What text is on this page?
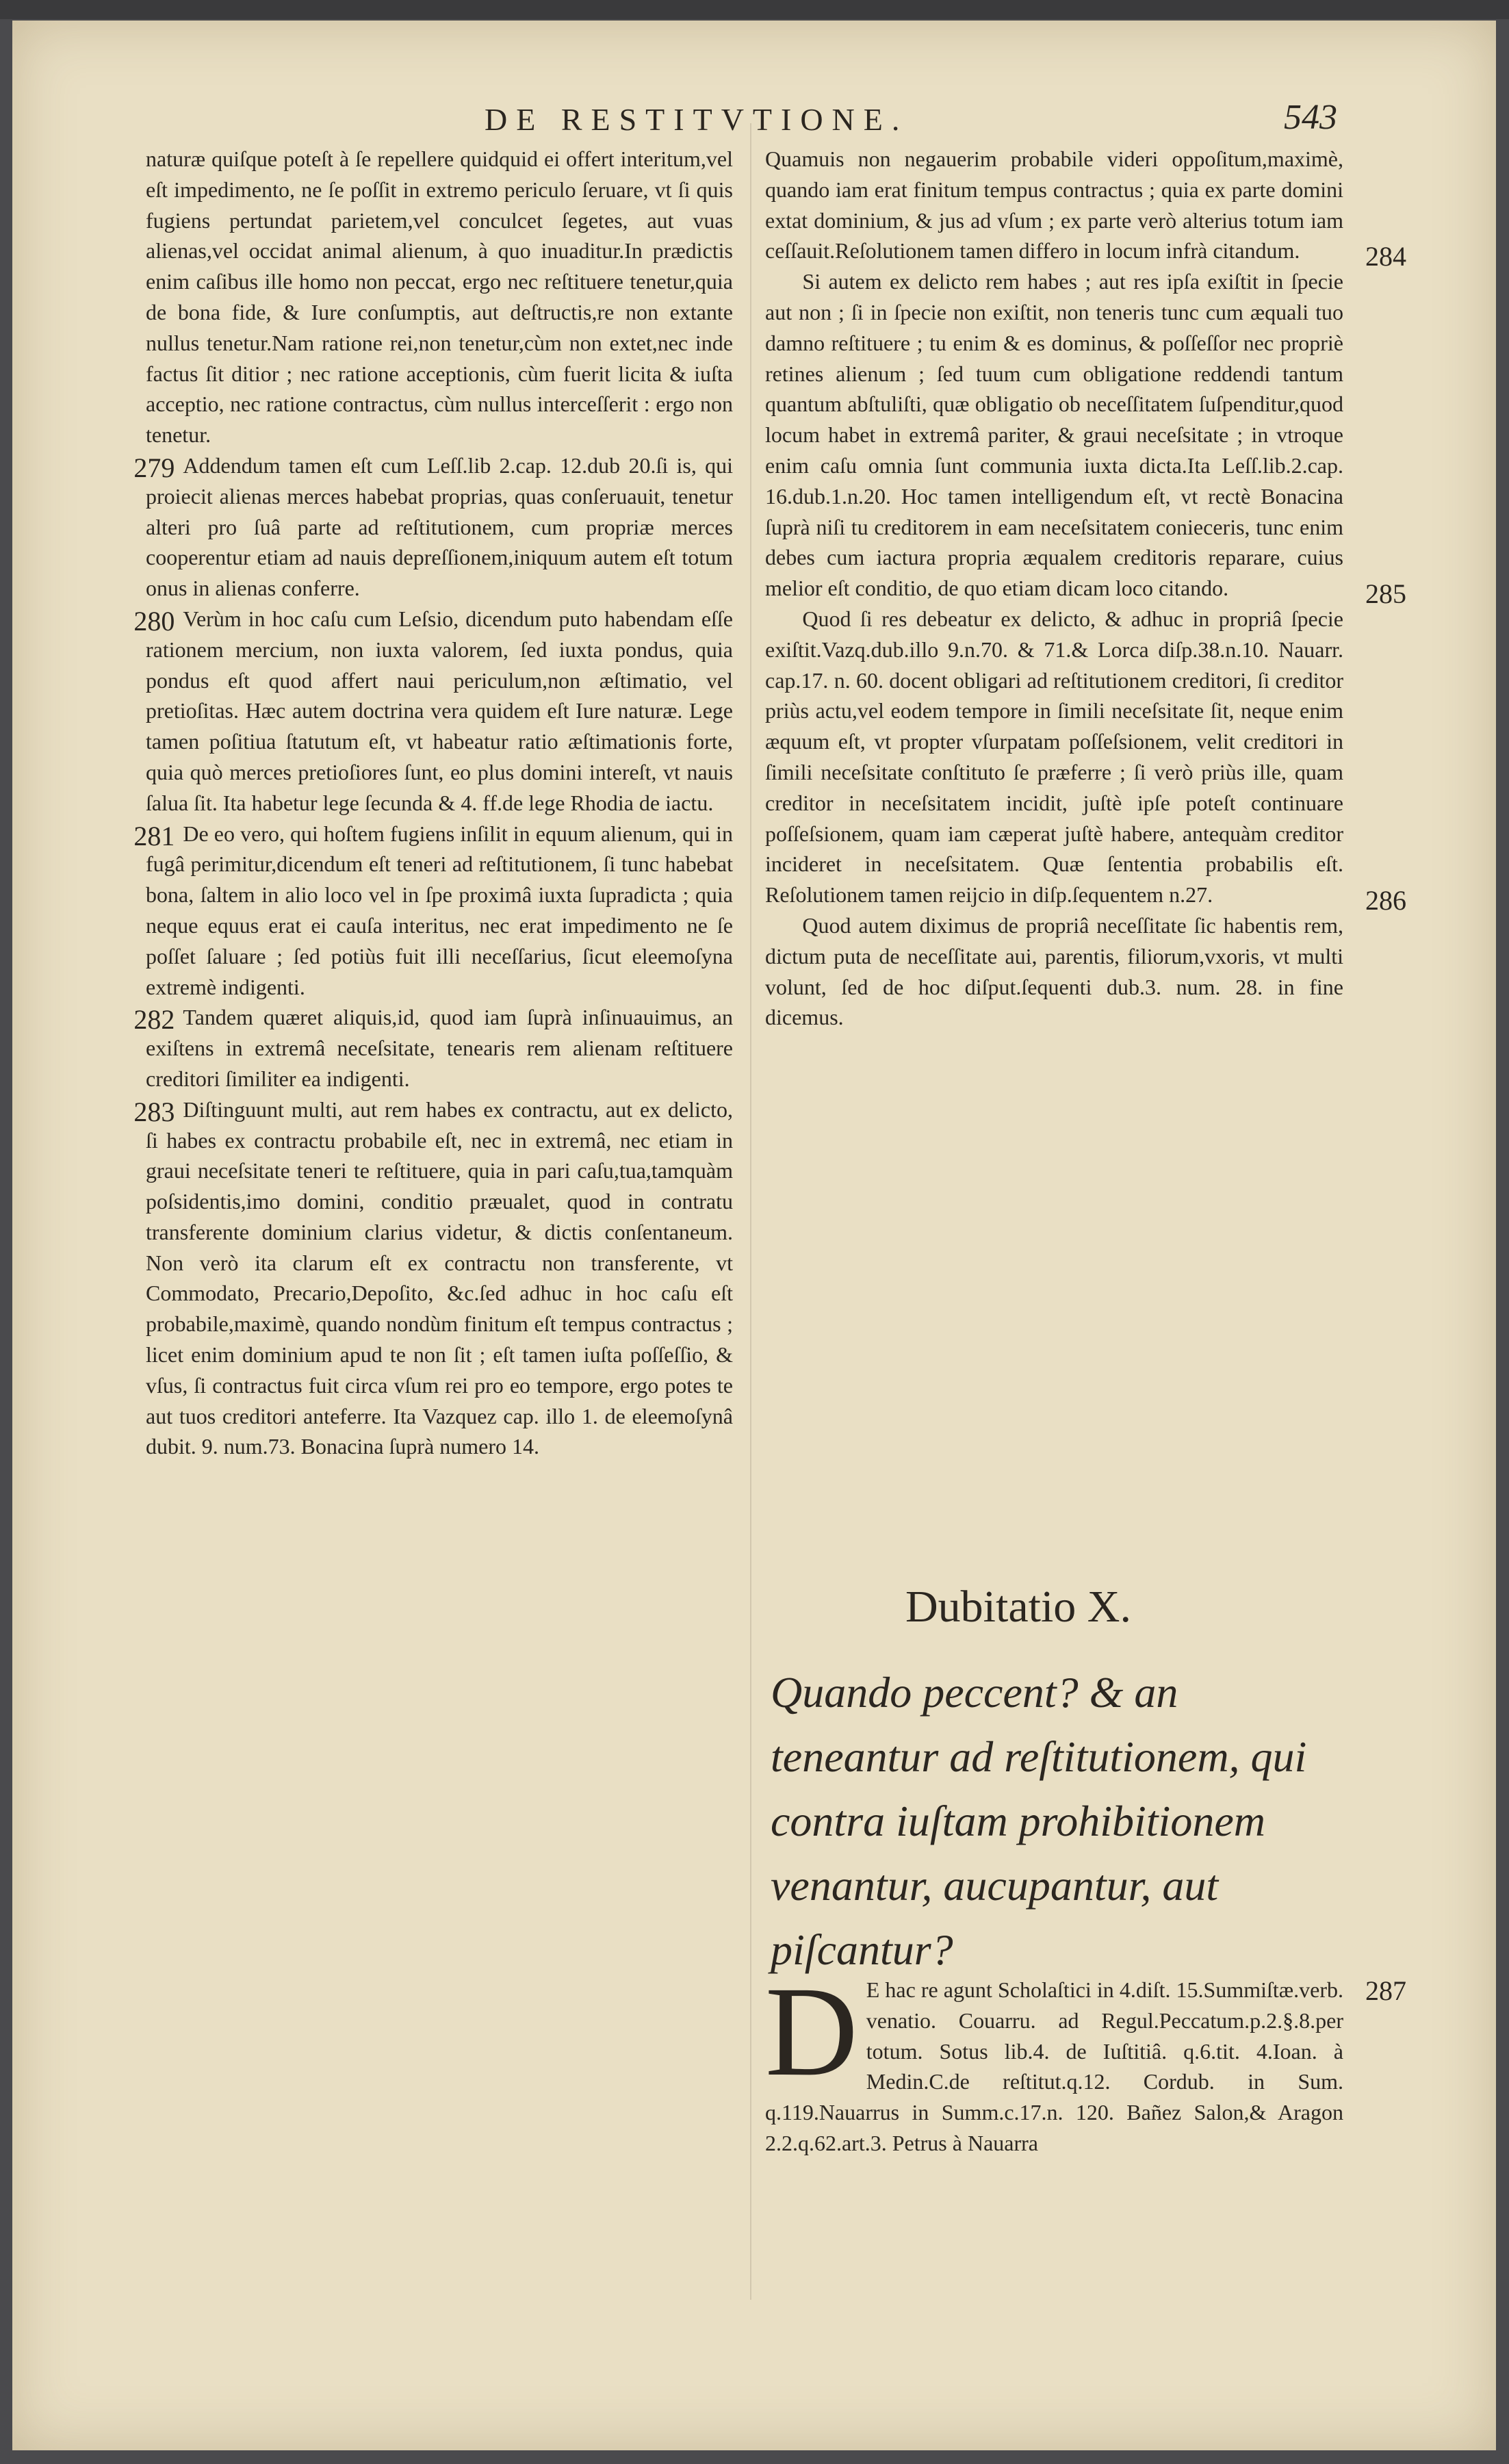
DE RESTITVTIONE.	543
naturæ quiſque poteſt à ſe repellere quidquid ei offert interitum,vel eſt impedimento, ne ſe poſſit in extremo periculo ſeruare, vt ſi quis fugiens pertundat parietem,vel conculcet ſegetes, aut vuas alienas,vel occidat animal alienum, à quo inuaditur.In prædictis enim caſibus ille homo non peccat, ergo nec reſtituere tenetur,quia de bona fide, & Iure conſumptis, aut deſtructis,re non extante nullus tenetur.Nam ratione rei,non tenetur,cùm non extet,nec inde factus ſit ditior ; nec ratione acceptionis, cùm fuerit licita & iuſta acceptio, nec ratione contractus, cùm nullus interceſſerit : ergo non tenetur.
279 Addendum tamen eſt cum Leſſ.lib 2.cap. 12.dub 20.ſi is, qui proiecit alienas merces habebat proprias, quas conſeruauit, tenetur alteri pro ſuâ parte ad reſtitutionem, cum propriæ merces cooperentur etiam ad nauis depreſſionem,iniquum autem eſt totum onus in alienas conferre.
280 Verùm in hoc caſu cum Leſsio, dicendum puto habendam eſſe rationem mercium, non iuxta valorem, ſed iuxta pondus, quia pondus eſt quod affert naui periculum,non æſtimatio, vel pretioſitas. Hæc autem doctrina vera quidem eſt Iure naturæ. Lege tamen poſitiua ſtatutum eſt, vt habeatur ratio æſtimationis forte, quia quò merces pretioſiores ſunt, eo plus domini intereſt, vt nauis ſalua ſit. Ita habetur lege ſecunda & 4. ff.de lege Rhodia de iactu.
281 De eo vero, qui hoſtem fugiens inſilit in equum alienum, qui in fugâ perimitur,dicendum eſt teneri ad reſtitutionem, ſi tunc habebat bona, ſaltem in alio loco vel in ſpe proximâ iuxta ſupradicta ; quia neque equus erat ei cauſa interitus, nec erat impedimento ne ſe poſſet ſaluare ; ſed potiùs fuit illi neceſſarius, ſicut eleemoſyna extremè indigenti.
282 Tandem quæret aliquis,id, quod iam ſuprà inſinuauimus, an exiſtens in extremâ neceſsitate, tenearis rem alienam reſtituere creditori ſimiliter ea indigenti.
283 Diſtinguunt multi, aut rem habes ex contractu, aut ex delicto, ſi habes ex contractu probabile eſt, nec in extremâ, nec etiam in graui neceſsitate teneri te reſtituere, quia in pari caſu,tua,tamquàm poſsidentis,imo domini, conditio præualet, quod in contratu transferente dominium clarius videtur, & dictis conſentaneum. Non verò ita clarum eſt ex contractu non transferente, vt Commodato, Precario,Depoſito, &c.ſed adhuc in hoc caſu eſt probabile,maximè, quando nondùm finitum eſt tempus contractus ; licet enim dominium apud te non ſit ; eſt tamen iuſta poſſeſſio, & vſus, ſi contractus fuit circa vſum rei pro eo tempore, ergo potes te aut tuos creditori anteferre. Ita Vazquez cap. illo 1. de eleemoſynâ dubit. 9. num.73. Bonacina ſuprà numero 14.
Quamuis non negauerim probabile videri oppoſitum,maximè, quando iam erat finitum tempus contractus ; quia ex parte domini extat dominium, & jus ad vſum ; ex parte verò alterius totum iam ceſſauit.Reſolutionem tamen differo in locum infrà citandum.	284
Si autem ex delicto rem habes ; aut res ipſa exiſtit in ſpecie aut non ; ſi in ſpecie non exiſtit, non teneris tunc cum æquali tuo damno reſtituere ; tu enim & es dominus, & poſſeſſor nec propriè retines alienum ; ſed tuum cum obligatione reddendi tantum quantum abſtuliſti, quæ obligatio ob neceſſitatem ſuſpenditur,quod locum habet in extremâ pariter, & graui neceſsitate ; in vtroque enim caſu omnia ſunt communia iuxta dicta.Ita Leſſ.lib.2.cap. 16.dub.1.n.20. Hoc tamen intelligendum eſt, vt rectè Bonacina ſuprà niſi tu creditorem in eam neceſsitatem conieceris, tunc enim debes cum iactura propria æqualem creditoris reparare, cuius melior eſt conditio, de quo etiam dicam loco citando.	285
Quod ſi res debeatur ex delicto, & adhuc in propriâ ſpecie exiſtit.Vazq.dub.illo 9.n.70. & 71.& Lorca diſp.38.n.10. Nauarr. cap.17. n. 60. docent obligari ad reſtitutionem creditori, ſi creditor priùs actu,vel eodem tempore in ſimili neceſsitate ſit, neque enim æquum eſt, vt propter vſurpatam poſſeſsionem, velit creditori in ſimili neceſsitate conſtituto ſe præferre ; ſi verò priùs ille, quam creditor in neceſsitatem incidit, juſtè ipſe poteſt continuare poſſeſsionem, quam iam cæperat juſtè habere, antequàm creditor incideret in neceſsitatem. Quæ ſententia probabilis eſt. Reſolutionem tamen reijcio in diſp.ſequentem n.27.	286
Quod autem diximus de propriâ neceſſitate ſic habentis rem, dictum puta de neceſſitate aui, parentis, filiorum,vxoris, vt multi volunt, ſed de hoc diſput.ſequenti dub.3. num. 28. in fine dicemus.
Dubitatio X.
Quando peccent? & an teneantur ad reſtitutionem, qui contra iuſtam prohibitionem venantur, aucupantur, aut piſcantur?
287
D E hac re agunt Scholaſtici in 4.diſt. 15.Summiſtæ.verb. venatio. Couarru. ad Regul.Peccatum.p.2.§.8.per totum. Sotus lib.4. de Iuſtitiâ. q.6.tit. 4.Ioan. à Medin.C.de reſtitut.q.12. Cordub. in Sum. q.119.Nauarrus in Summ.c.17.n. 120. Bañez Salon,& Aragon 2.2.q.62.art.3. Petrus à Nauarra
